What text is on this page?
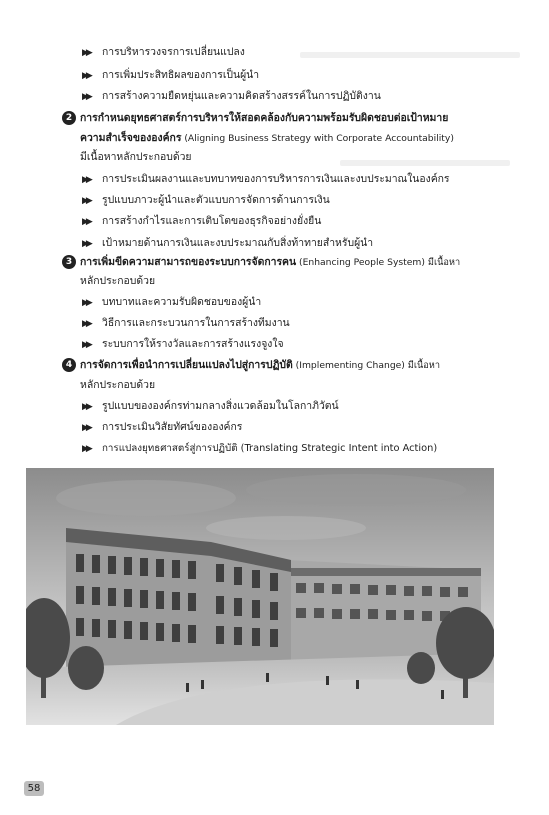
▶▶ การบริหารวงจรการเปลี่ยนแปลง
▶▶ การเพิ่มประสิทธิผลของการเป็นผู้นำ
▶▶ การสร้างความยืดหยุ่นและความคิดสร้างสรรค์ในการปฏิบัติงาน
2 การกำหนดยุทธศาสตร์การบริหารให้สอดคล้องกับความพร้อมรับผิดชอบต่อเป้าหมาย
ความสำเร็จขององค์กร (Aligning Business Strategy with Corporate Accountability)
มีเนื้อหาหลักประกอบด้วย
▶▶ การประเมินผลงานและบทบาทของการบริหารการเงินและงบประมาณในองค์กร
▶▶ รูปแบบภาวะผู้นำและตัวแบบการจัดการด้านการเงิน
▶▶ การสร้างกำไรและการเติบโตของธุรกิจอย่างยั่งยืน
▶▶ เป้าหมายด้านการเงินและงบประมาณกับสิ่งท้าทายสำหรับผู้นำ
3 การเพิ่มขีดความสามารถของระบบการจัดการคน (Enhancing People System) มีเนื้อหา
หลักประกอบด้วย
▶▶ บทบาทและความรับผิดชอบของผู้นำ
▶▶ วิธีการและกระบวนการในการสร้างทีมงาน
▶▶ ระบบการให้รางวัลและการสร้างแรงจูงใจ
4 การจัดการเพื่อนำการเปลี่ยนแปลงไปสู่การปฏิบัติ (Implementing Change) มีเนื้อหา
หลักประกอบด้วย
▶▶ รูปแบบขององค์กรท่ามกลางสิ่งแวดล้อมในโลกาภิวัตน์
▶▶ การประเมินวิสัยทัศน์ขององค์กร
▶▶ การแปลงยุทธศาสตร์สู่การปฏิบัติ (Translating Strategic Intent into Action)
58
